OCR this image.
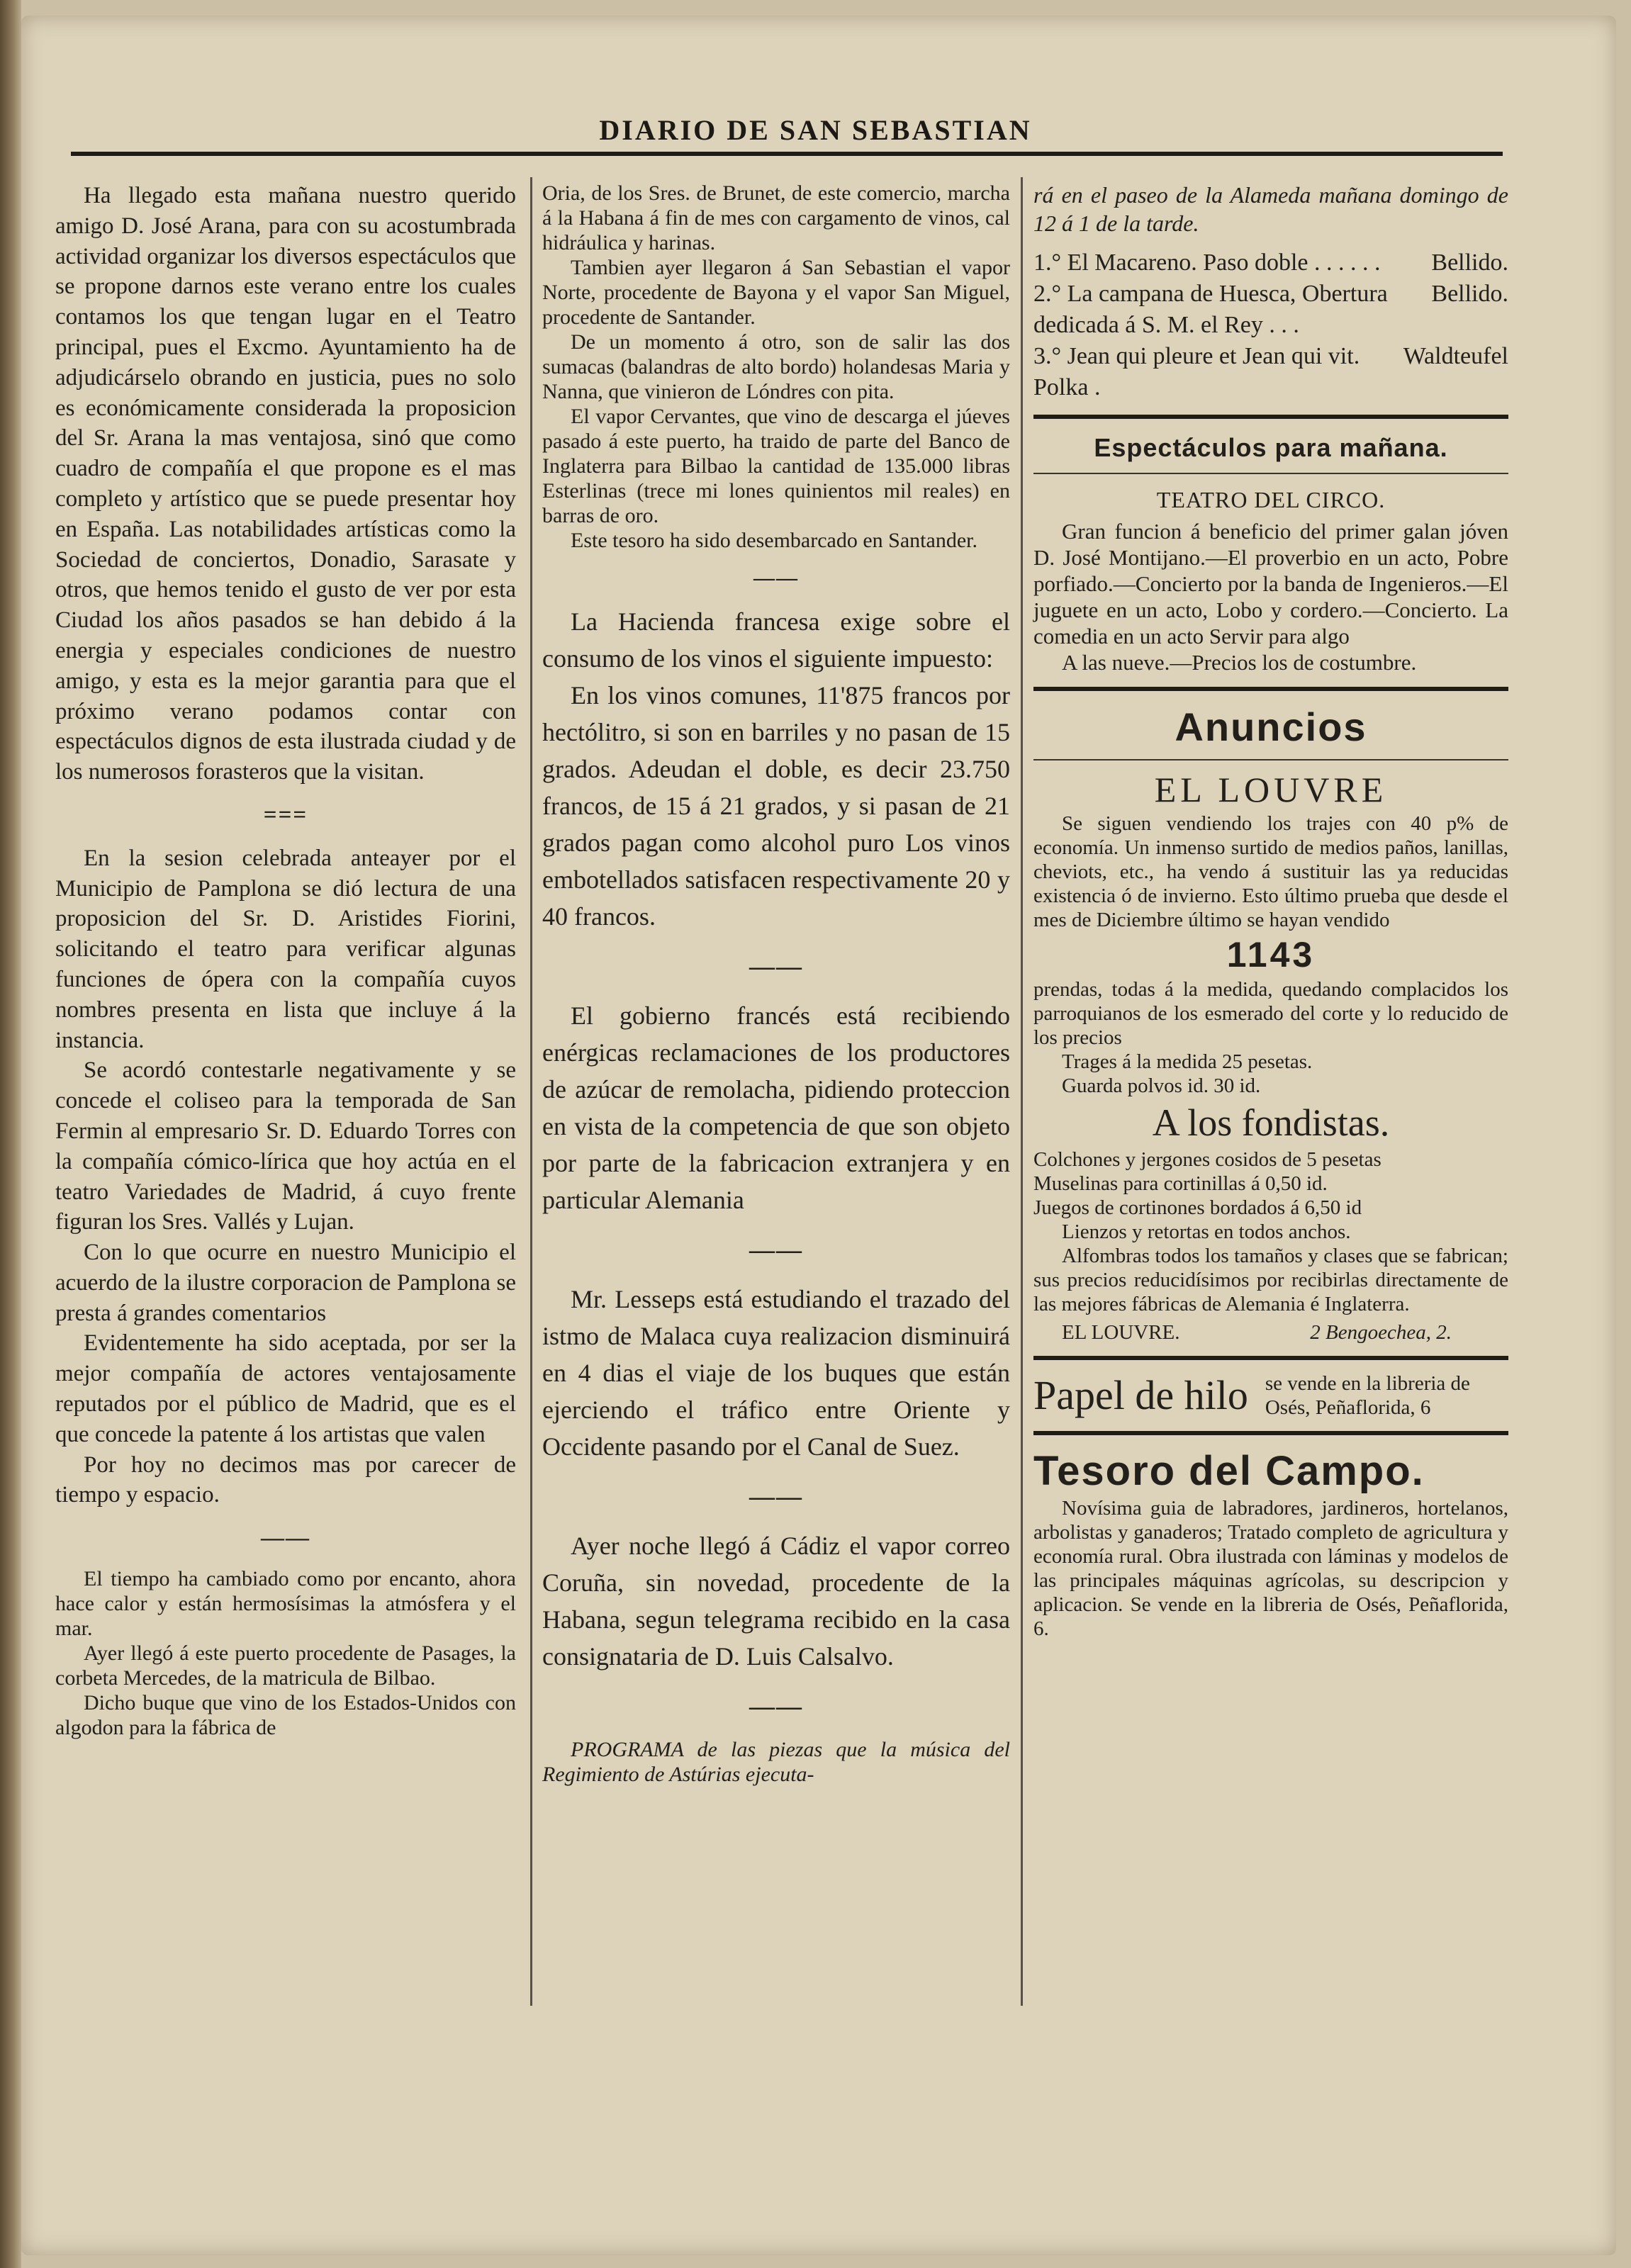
DIARIO DE SAN SEBASTIAN

Ha llegado esta mañana nuestro querido amigo D. José Arana, para con su acostumbrada actividad organizar los diversos espectáculos que se propone darnos este verano entre los cuales contamos los que tengan lugar en el Teatro principal, pues el Excmo. Ayuntamiento ha de adjudicárselo obrando en justicia, pues no solo es económicamente considerada la proposicion del Sr. Arana la mas ventajosa, sinó que como cuadro de compañía el que propone es el mas completo y artístico que se puede presentar hoy en España. Las notabilidades artísticas como la Sociedad de conciertos, Donadio, Sarasate y otros, que hemos tenido el gusto de ver por esta Ciudad los años pasados se han debido á la energia y especiales condiciones de nuestro amigo, y esta es la mejor garantia para que el próximo verano podamos contar con espectáculos dignos de esta ilustrada ciudad y de los numerosos forasteros que la visitan.

===

En la sesion celebrada anteayer por el Municipio de Pamplona se dió lectura de una proposicion del Sr. D. Aristides Fiorini, solicitando el teatro para verificar algunas funciones de ópera con la compañía cuyos nombres presenta en lista que incluye á la instancia.

Se acordó contestarle negativamente y se concede el coliseo para la temporada de San Fermin al empresario Sr. D. Eduardo Torres con la compañía cómico-lírica que hoy actúa en el teatro Variedades de Madrid, á cuyo frente figuran los Sres. Vallés y Lujan.

Con lo que ocurre en nuestro Municipio el acuerdo de la ilustre corporacion de Pamplona se presta á grandes comentarios

Evidentemente ha sido aceptada, por ser la mejor compañía de actores ventajosamente reputados por el público de Madrid, que es el que concede la patente á los artistas que valen

Por hoy no decimos mas por carecer de tiempo y espacio.

——

El tiempo ha cambiado como por encanto, ahora hace calor y están hermosísimas la atmósfera y el mar.

Ayer llegó á este puerto procedente de Pasages, la corbeta Mercedes, de la matricula de Bilbao.

Dicho buque que vino de los Estados-Unidos con algodon para la fábrica de

Oria, de los Sres. de Brunet, de este comercio, marcha á la Habana á fin de mes con cargamento de vinos, cal hidráulica y harinas.

Tambien ayer llegaron á San Sebastian el vapor Norte, procedente de Bayona y el vapor San Miguel, procedente de Santander.

De un momento á otro, son de salir las dos sumacas (balandras de alto bordo) holandesas Maria y Nanna, que vinieron de Lóndres con pita.

El vapor Cervantes, que vino de descarga el júeves pasado á este puerto, ha traido de parte del Banco de Inglaterra para Bilbao la cantidad de 135.000 libras Esterlinas (trece mi lones quinientos mil reales) en barras de oro.

Este tesoro ha sido desembarcado en Santander.

——

La Hacienda francesa exige sobre el consumo de los vinos el siguiente impuesto:

En los vinos comunes, 11'875 francos por hectólitro, si son en barriles y no pasan de 15 grados. Adeudan el doble, es decir 23.750 francos, de 15 á 21 grados, y si pasan de 21 grados pagan como alcohol puro Los vinos embotellados satisfacen respectivamente 20 y 40 francos.

——

El gobierno francés está recibiendo enérgicas reclamaciones de los productores de azúcar de remolacha, pidiendo proteccion en vista de la competencia de que son objeto por parte de la fabricacion extranjera y en particular Alemania

——

Mr. Lesseps está estudiando el trazado del istmo de Malaca cuya realizacion disminuirá en 4 dias el viaje de los buques que están ejerciendo el tráfico entre Oriente y Occidente pasando por el Canal de Suez.

——

Ayer noche llegó á Cádiz el vapor correo Coruña, sin novedad, procedente de la Habana, segun telegrama recibido en la casa consignataria de D. Luis Calsalvo.

——

PROGRAMA de las piezas que la música del Regimiento de Astúrias ejecuta-

rá en el paseo de la Alameda mañana domingo de 12 á 1 de la tarde.

1.° El Macareno. Paso doble . . . . . . Bellido.
2.° La campana de Huesca, Obertura dedicada á S. M. el Rey . . .
Bellido.
3.° Jean qui pleure et Jean qui vit. Polka .
Waldteufel
Espectáculos para mañana.

TEATRO DEL CIRCO.

Gran funcion á beneficio del primer galan jóven D. José Montijano.—El proverbio en un acto, Pobre porfiado.—Concierto por la banda de Ingenieros.—El juguete en un acto, Lobo y cordero.—Concierto. La comedia en un acto Servir para algo

A las nueve.—Precios los de costumbre.

Anuncios
EL LOUVRE

Se siguen vendiendo los trajes con 40 p% de economía. Un inmenso surtido de medios paños, lanillas, cheviots, etc., ha vendo á sustituir las ya reducidas existencia ó de invierno. Esto último prueba que desde el mes de Diciembre último se hayan vendido

1143

prendas, todas á la medida, quedando complacidos los parroquianos de los esmerado del corte y lo reducido de los precios

Trages á la medida 25 pesetas.

Guarda polvos id. 30 id.

A los fondistas.

Colchones y jergones cosidos de 5 pesetas

Muselinas para cortinillas á 0,50 id.

Juegos de cortinones bordados á 6,50 id

Lienzos y retortas en todos anchos.

Alfombras todos los tamaños y clases que se fabrican; sus precios reducidísimos por recibirlas directamente de las mejores fábricas de Alemania é Inglaterra.

EL LOUVRE.	2 Bengoechea, 2.

Papel de hilo se vende en la libreria de Osés, Peñaflorida, 6
Tesoro del Campo.

Novísima guia de labradores, jardineros, hortelanos, arbolistas y ganaderos; Tratado completo de agricultura y economía rural. Obra ilustrada con láminas y modelos de las principales máquinas agrícolas, su descripcion y aplicacion. Se vende en la libreria de Osés, Peñaflorida, 6.
